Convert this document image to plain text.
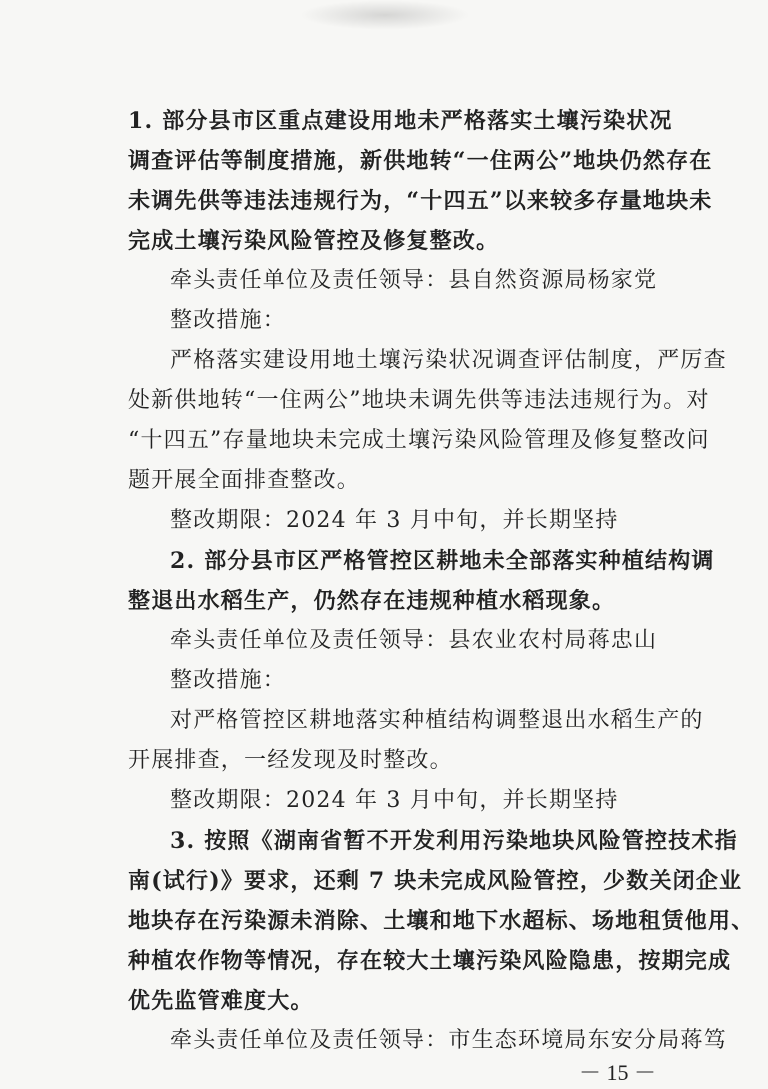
1. 部分县市区重点建设用地未严格落实土壤污染状况
调查评估等制度措施，新供地转“一住两公”地块仍然存在
未调先供等违法违规行为，“十四五”以来较多存量地块未
完成土壤污染风险管控及修复整改。
牵头责任单位及责任领导：县自然资源局杨家党
整改措施：
严格落实建设用地土壤污染状况调查评估制度，严厉查
处新供地转“一住两公”地块未调先供等违法违规行为。对
“十四五”存量地块未完成土壤污染风险管理及修复整改问
题开展全面排查整改。
整改期限：2024 年 3 月中旬，并长期坚持
2. 部分县市区严格管控区耕地未全部落实种植结构调
整退出水稻生产，仍然存在违规种植水稻现象。
牵头责任单位及责任领导：县农业农村局蒋忠山
整改措施：
对严格管控区耕地落实种植结构调整退出水稻生产的
开展排查，一经发现及时整改。
整改期限：2024 年 3 月中旬，并长期坚持
3. 按照《湖南省暂不开发利用污染地块风险管控技术指
南(试行)》要求，还剩 7 块未完成风险管控，少数关闭企业
地块存在污染源未消除、土壤和地下水超标、场地租赁他用、
种植农作物等情况，存在较大土壤污染风险隐患，按期完成
优先监管难度大。
牵头责任单位及责任领导：市生态环境局东安分局蒋笃
－ 15 －
